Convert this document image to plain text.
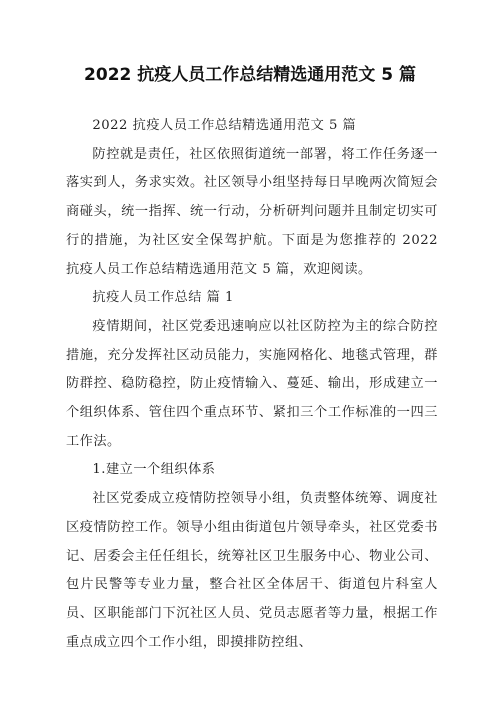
2022 抗疫人员工作总结精选通用范文 5 篇

2022 抗疫人员工作总结精选通用范文 5 篇

防控就是责任，社区依照街道统一部署，将工作任务逐一落实到人，务求实效。社区领导小组坚持每日早晚两次简短会商碰头，统一指挥、统一行动，分析研判问题并且制定切实可行的措施，为社区安全保驾护航。下面是为您推荐的 2022 抗疫人员工作总结精选通用范文 5 篇，欢迎阅读。

抗疫人员工作总结 篇 1

疫情期间，社区党委迅速响应以社区防控为主的综合防控措施，充分发挥社区动员能力，实施网格化、地毯式管理，群防群控、稳防稳控，防止疫情输入、蔓延、输出，形成建立一个组织体系、管住四个重点环节、紧扣三个工作标准的一四三工作法。

1.建立一个组织体系

社区党委成立疫情防控领导小组，负责整体统筹、调度社区疫情防控工作。领导小组由街道包片领导牵头，社区党委书记、居委会主任任组长，统筹社区卫生服务中心、物业公司、包片民警等专业力量，整合社区全体居干、街道包片科室人员、区职能部门下沉社区人员、党员志愿者等力量，根据工作重点成立四个工作小组，即摸排防控组、
